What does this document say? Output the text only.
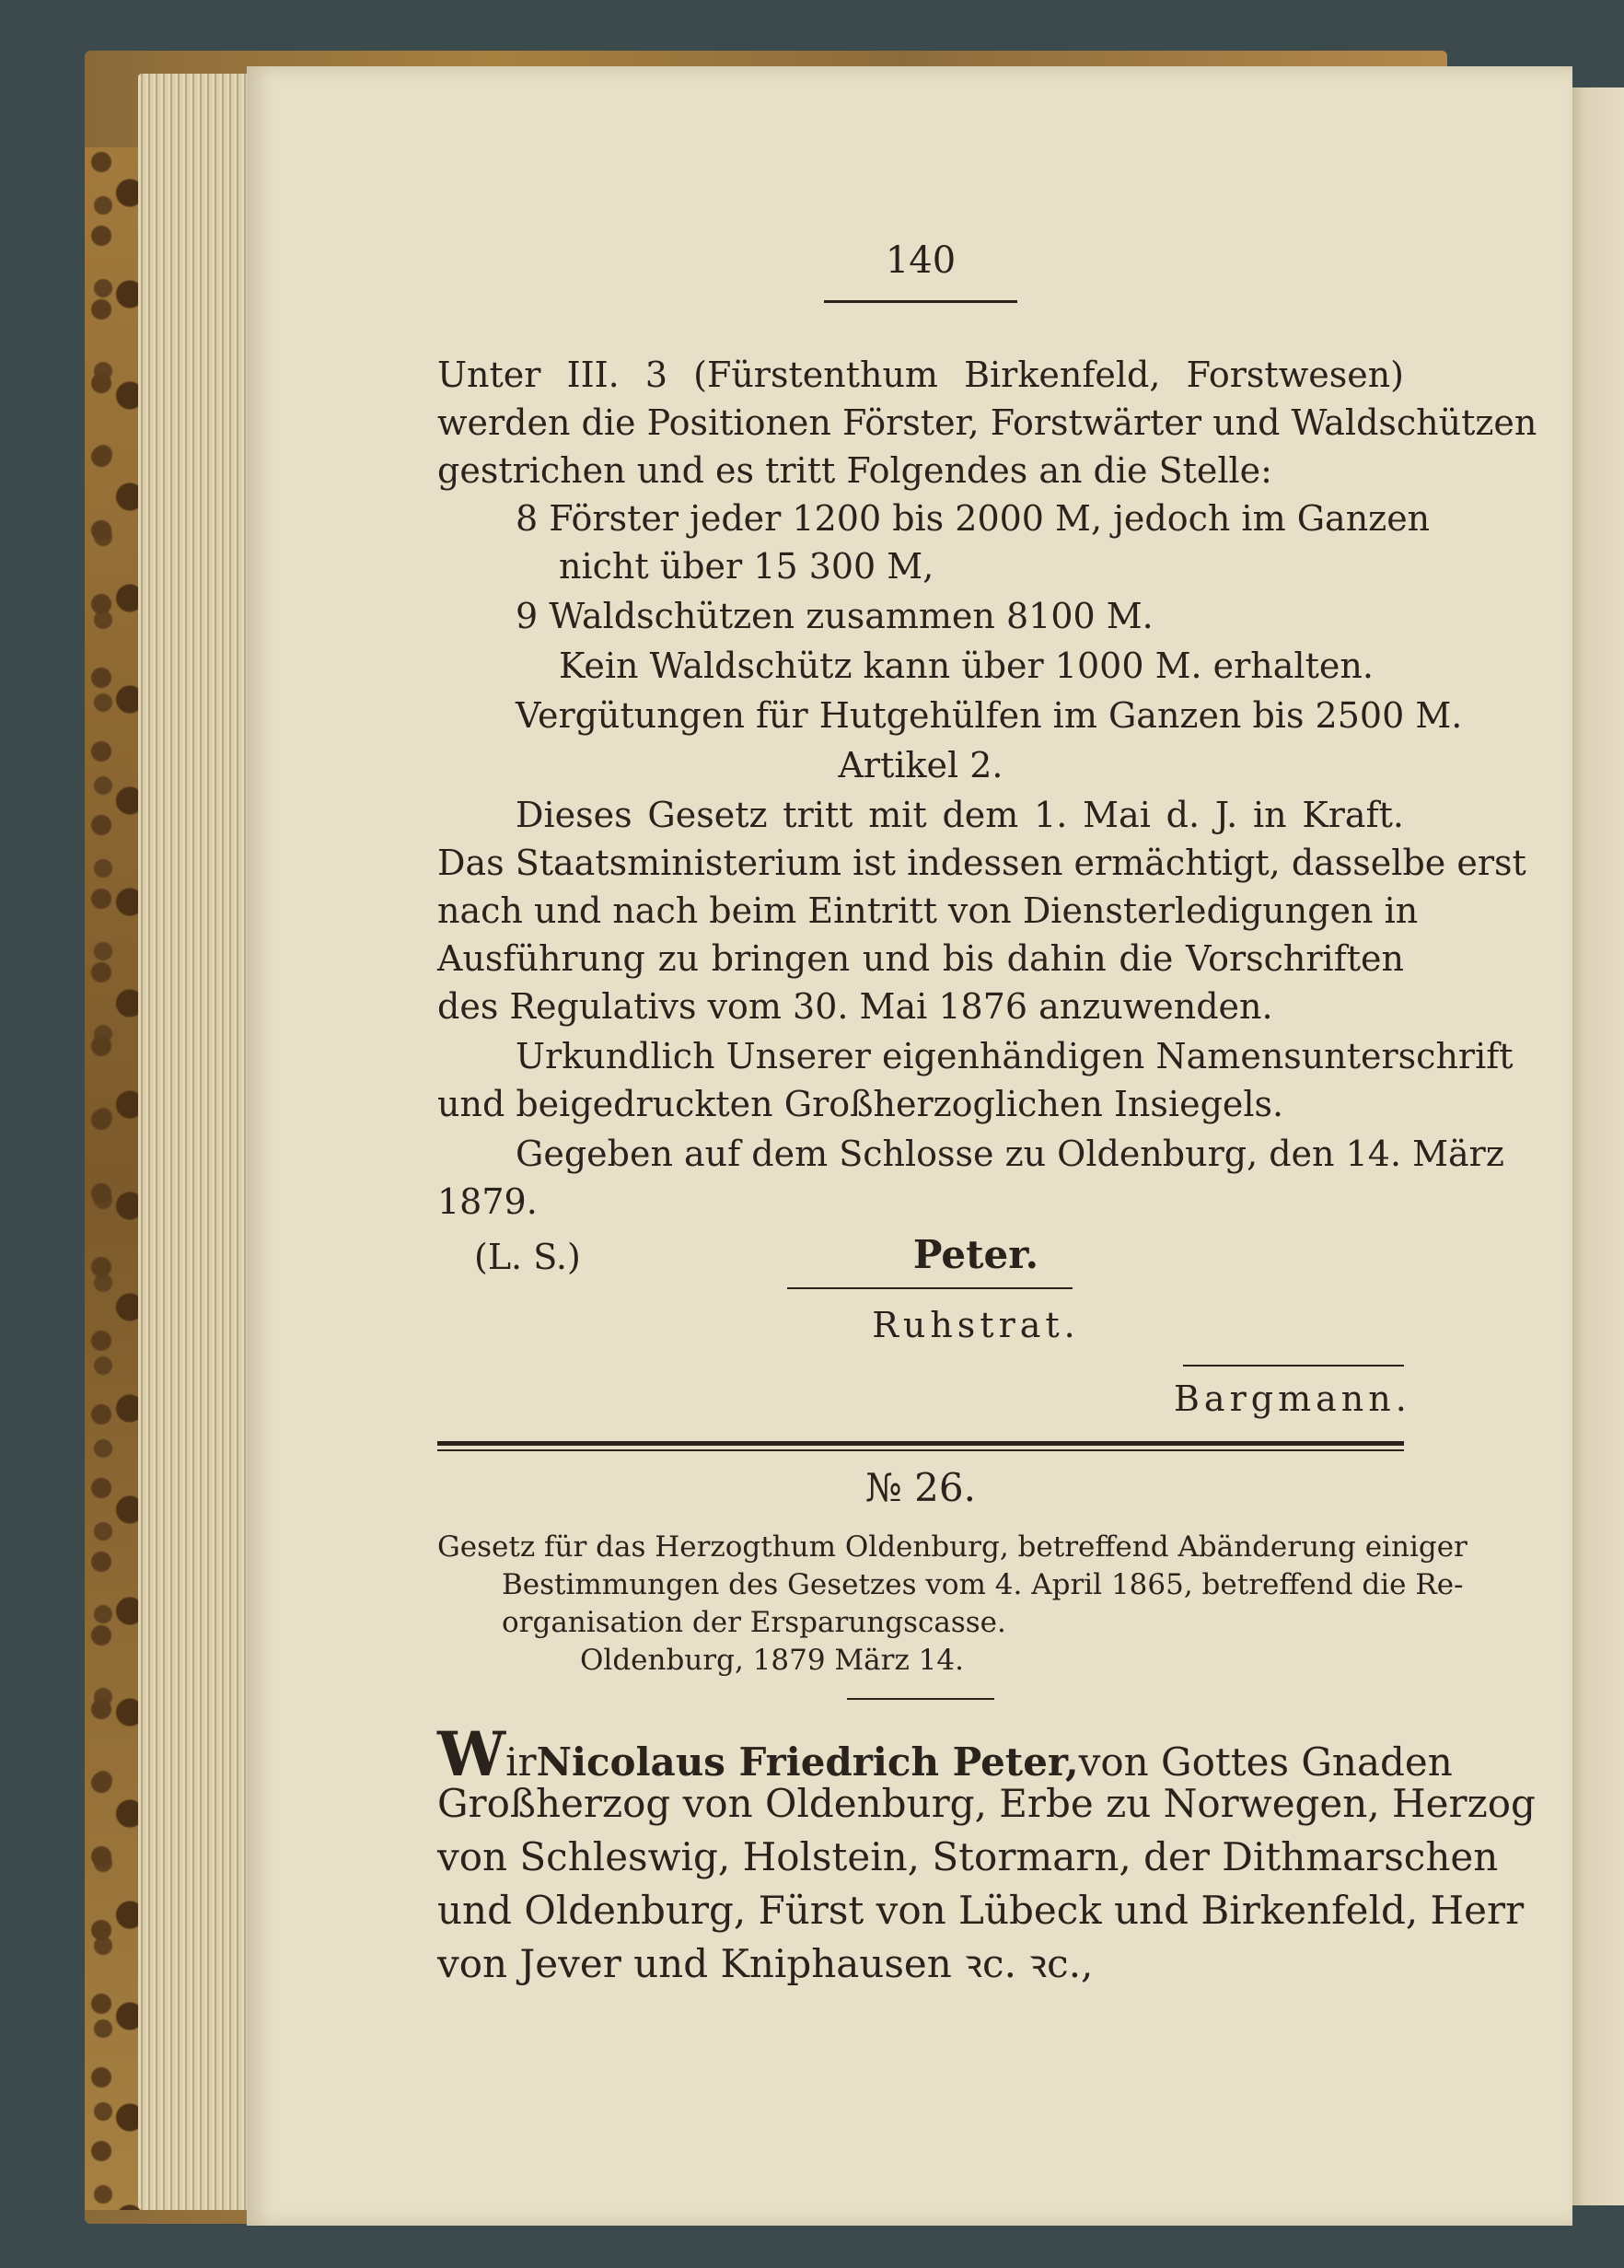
140
Unter III. 3 (Fürstenthum Birkenfeld, Forstwesen)
werden die Positionen Förster, Forstwärter und Waldschützen
gestrichen und es tritt Folgendes an die Stelle:
8 Förster jeder 1200 bis 2000 M, jedoch im Ganzen
nicht über 15 300 M,
9 Waldschützen zusammen 8100 M.
Kein Waldschütz kann über 1000 M. erhalten.
Vergütungen für Hutgehülfen im Ganzen bis 2500 M.
Artikel 2.
Dieses Gesetz tritt mit dem 1. Mai d. J. in Kraft.
Das Staatsministerium ist indessen ermächtigt, dasselbe erst
nach und nach beim Eintritt von Diensterledigungen in
Ausführung zu bringen und bis dahin die Vorschriften
des Regulativs vom 30. Mai 1876 anzuwenden.
Urkundlich Unserer eigenhändigen Namensunterschrift
und beigedruckten Großherzoglichen Insiegels.
Gegeben auf dem Schlosse zu Oldenburg, den 14. März
1879.
(L. S.)	Peter.
Ruhstrat.
Bargmann.
№ 26.
Gesetz für das Herzogthum Oldenburg, betreffend Abänderung einiger
Bestimmungen des Gesetzes vom 4. April 1865, betreffend die Re-
organisation der Ersparungscasse.
Oldenburg, 1879 März 14.
Wir Nicolaus Friedrich Peter, von Gottes Gnaden
Großherzog von Oldenburg, Erbe zu Norwegen, Herzog
von Schleswig, Holstein, Stormarn, der Dithmarschen
und Oldenburg, Fürst von Lübeck und Birkenfeld, Herr
von Jever und Kniphausen ꝛc. ꝛc.,
